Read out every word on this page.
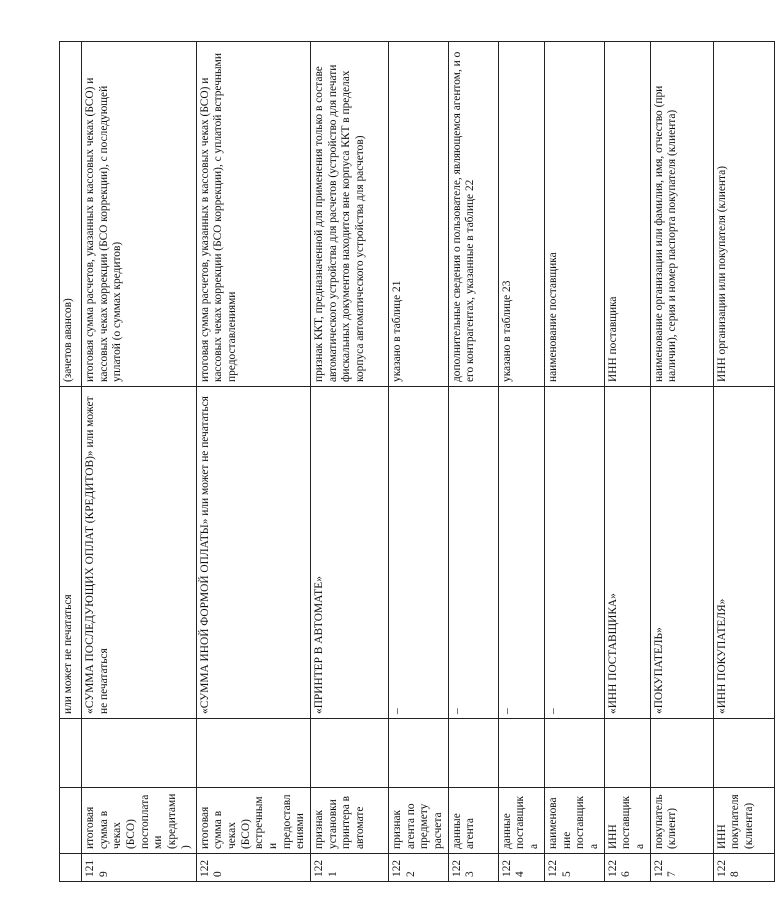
			или может не печататься	(зачетов авансов)
1219	итоговая сумма в чеках (БСО) постоплатами (кредитами)		«СУММА ПОСЛЕДУЮЩИХ ОПЛАТ (КРЕДИТОВ)» или может не печататься	итоговая сумма расчетов, указанных в кассовых чеках (БСО) и кассовых чеках коррекции (БСО коррекции), с последующей уплатой (о суммах кредитов)
1220	итоговая сумма в чеках (БСО) встречными предоставлениями		«СУММА ИНОЙ ФОРМОЙ ОПЛАТЫ» или может не печататься	итоговая сумма расчетов, указанных в кассовых чеках (БСО) и кассовых чеках коррекции (БСО коррекции), с уплатой встречными предоставлениями
1221	признак установки принтера в автомате		«ПРИНТЕР В АВТОМАТЕ»	признак ККТ, предназначенной для применения только в составе автоматического устройства для расчетов (устройство для печати фискальных документов находится вне корпуса ККТ в пределах корпуса автоматического устройства для расчетов)
1222	признак агента по предмету расчета		–	указано в таблице 21
1223	данные агента		–	дополнительные сведения о пользователе, являющемся агентом, и о его контрагентах, указанные в таблице 22
1224	данные поставщика		–	указано в таблице 23
1225	наименование поставщика		–	наименование поставщика
1226	ИНН поставщика		«ИНН ПОСТАВЩИКА»	ИНН поставщика
1227	покупатель (клиент)		«ПОКУПАТЕЛЬ»	наименование организации или фамилия, имя, отчество (при наличии), серия и номер паспорта покупателя (клиента)
1228	ИНН покупателя (клиента)		«ИНН ПОКУПАТЕЛЯ»	ИНН организации или покупателя (клиента)
